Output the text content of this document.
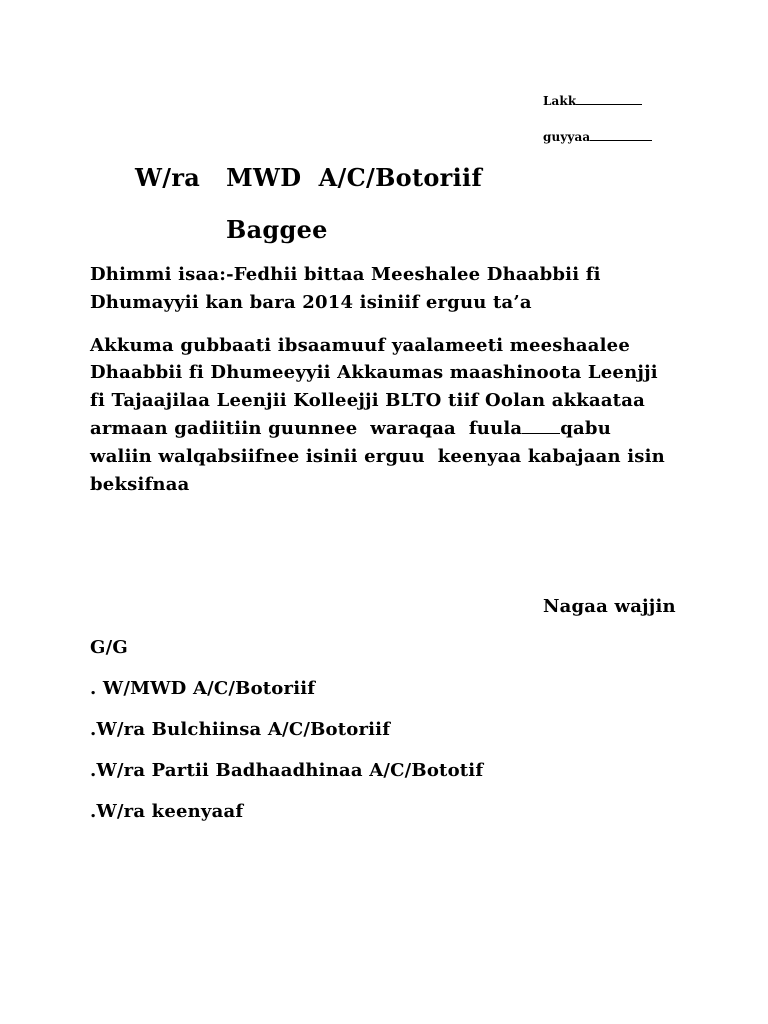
Lakk
guyyaa
W/ra   MWD  A/C/Botoriif
Baggee
Dhimmi isaa:-Fedhii bittaa Meeshalee Dhaabbii fi
Dhumayyii kan bara 2014 isiniif erguu ta’a
Akkuma gubbaati ibsaamuuf yaalameeti meeshaalee
Dhaabbii fi Dhumeeyyii Akkaumas maashinoota Leenjji
fi Tajaajilaa Leenjii Kolleejji BLTO tiif Oolan akkaataa
armaan gadiitiin guunnee  waraqaa  fuula qabu
waliin walqabsiifnee isinii erguu  keenyaa kabajaan isin
beksifnaa
Nagaa wajjin
G/G
. W/MWD A/C/Botoriif
.W/ra Bulchiinsa A/C/Botoriif
.W/ra Partii Badhaadhinaa A/C/Bototif
.W/ra keenyaaf
